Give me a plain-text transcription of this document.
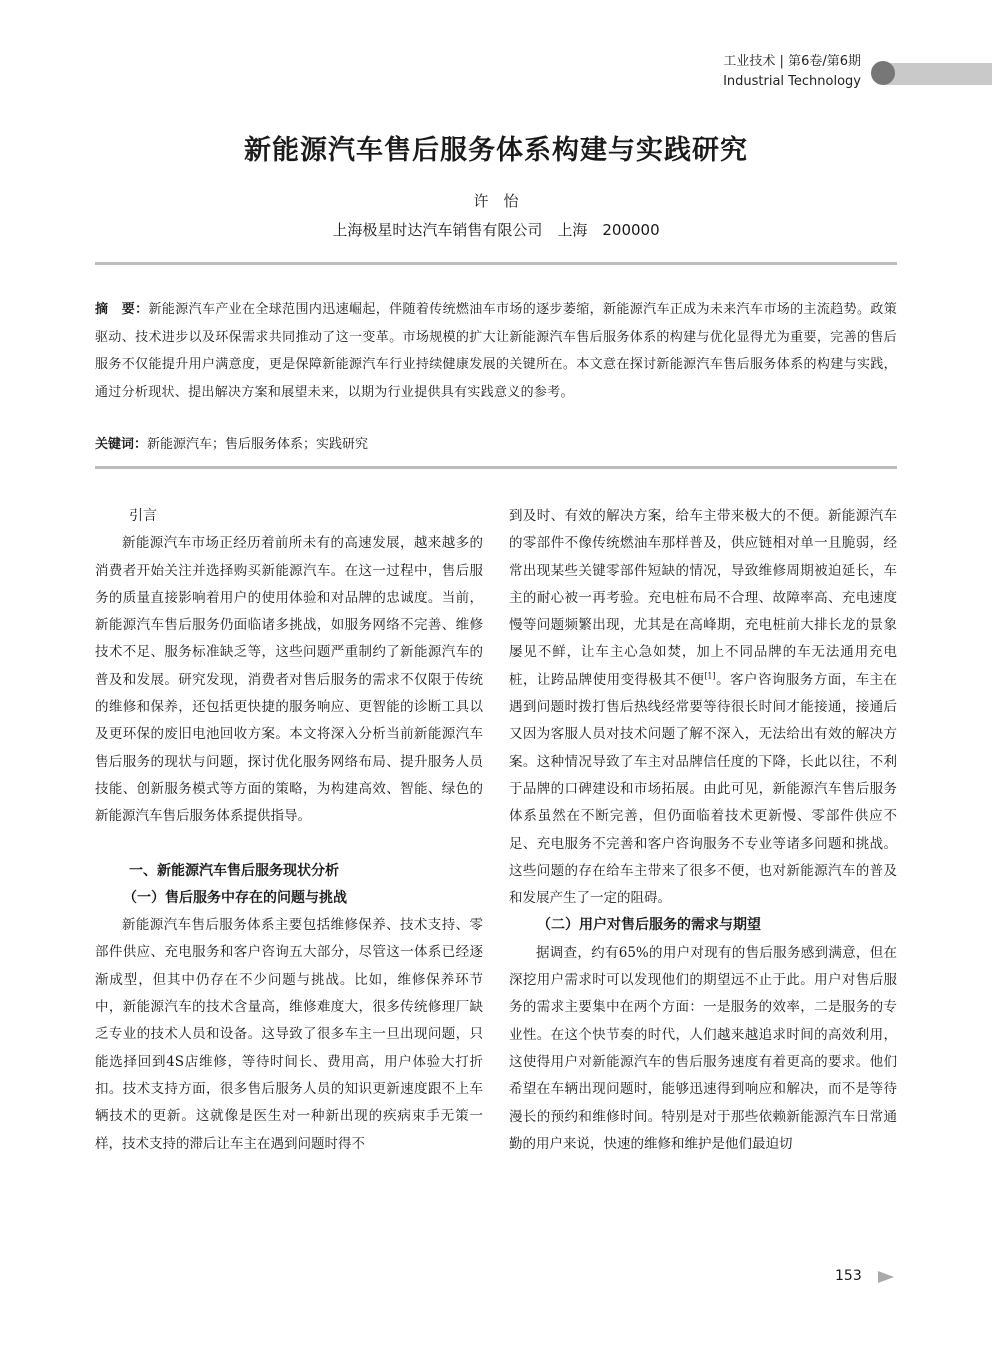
工业技术 | 第6卷/第6期
Industrial Technology
新能源汽车售后服务体系构建与实践研究
许　怡
上海极星时达汽车销售有限公司　上海　200000
摘　要：新能源汽车产业在全球范围内迅速崛起，伴随着传统燃油车市场的逐步萎缩，新能源汽车正成为未来汽车市场的主流趋势。政策驱动、技术进步以及环保需求共同推动了这一变革。市场规模的扩大让新能源汽车售后服务体系的构建与优化显得尤为重要，完善的售后服务不仅能提升用户满意度，更是保障新能源汽车行业持续健康发展的关键所在。本文意在探讨新能源汽车售后服务体系的构建与实践，通过分析现状、提出解决方案和展望未来，以期为行业提供具有实践意义的参考。
关键词：新能源汽车；售后服务体系；实践研究
引言

新能源汽车市场正经历着前所未有的高速发展，越来越多的消费者开始关注并选择购买新能源汽车。在这一过程中，售后服务的质量直接影响着用户的使用体验和对品牌的忠诚度。当前，新能源汽车售后服务仍面临诸多挑战，如服务网络不完善、维修技术不足、服务标准缺乏等，这些问题严重制约了新能源汽车的普及和发展。研究发现，消费者对售后服务的需求不仅限于传统的维修和保养，还包括更快捷的服务响应、更智能的诊断工具以及更环保的废旧电池回收方案。本文将深入分析当前新能源汽车售后服务的现状与问题，探讨优化服务网络布局、提升服务人员技能、创新服务模式等方面的策略，为构建高效、智能、绿色的新能源汽车售后服务体系提供指导。

一、新能源汽车售后服务现状分析
（一）售后服务中存在的问题与挑战

新能源汽车售后服务体系主要包括维修保养、技术支持、零部件供应、充电服务和客户咨询五大部分，尽管这一体系已经逐渐成型，但其中仍存在不少问题与挑战。比如，维修保养环节中，新能源汽车的技术含量高，维修难度大，很多传统修理厂缺乏专业的技术人员和设备。这导致了很多车主一旦出现问题，只能选择回到4S店维修，等待时间长、费用高，用户体验大打折扣。技术支持方面，很多售后服务人员的知识更新速度跟不上车辆技术的更新。这就像是医生对一种新出现的疾病束手无策一样，技术支持的滞后让车主在遇到问题时得不

到及时、有效的解决方案，给车主带来极大的不便。新能源汽车的零部件不像传统燃油车那样普及，供应链相对单一且脆弱，经常出现某些关键零部件短缺的情况，导致维修周期被迫延长，车主的耐心被一再考验。充电桩布局不合理、故障率高、充电速度慢等问题频繁出现，尤其是在高峰期，充电桩前大排长龙的景象屡见不鲜，让车主心急如焚，加上不同品牌的车无法通用充电桩，让跨品牌使用变得极其不便[1]。客户咨询服务方面，车主在遇到问题时拨打售后热线经常要等待很长时间才能接通，接通后又因为客服人员对技术问题了解不深入，无法给出有效的解决方案。这种情况导致了车主对品牌信任度的下降，长此以往，不利于品牌的口碑建设和市场拓展。由此可见，新能源汽车售后服务体系虽然在不断完善，但仍面临着技术更新慢、零部件供应不足、充电服务不完善和客户咨询服务不专业等诸多问题和挑战。这些问题的存在给车主带来了很多不便，也对新能源汽车的普及和发展产生了一定的阻碍。

（二）用户对售后服务的需求与期望

据调查，约有65%的用户对现有的售后服务感到满意，但在深挖用户需求时可以发现他们的期望远不止于此。用户对售后服务的需求主要集中在两个方面：一是服务的效率，二是服务的专业性。在这个快节奏的时代，人们越来越追求时间的高效利用，这使得用户对新能源汽车的售后服务速度有着更高的要求。他们希望在车辆出现问题时，能够迅速得到响应和解决，而不是等待漫长的预约和维修时间。特别是对于那些依赖新能源汽车日常通勤的用户来说，快速的维修和维护是他们最迫切

153
